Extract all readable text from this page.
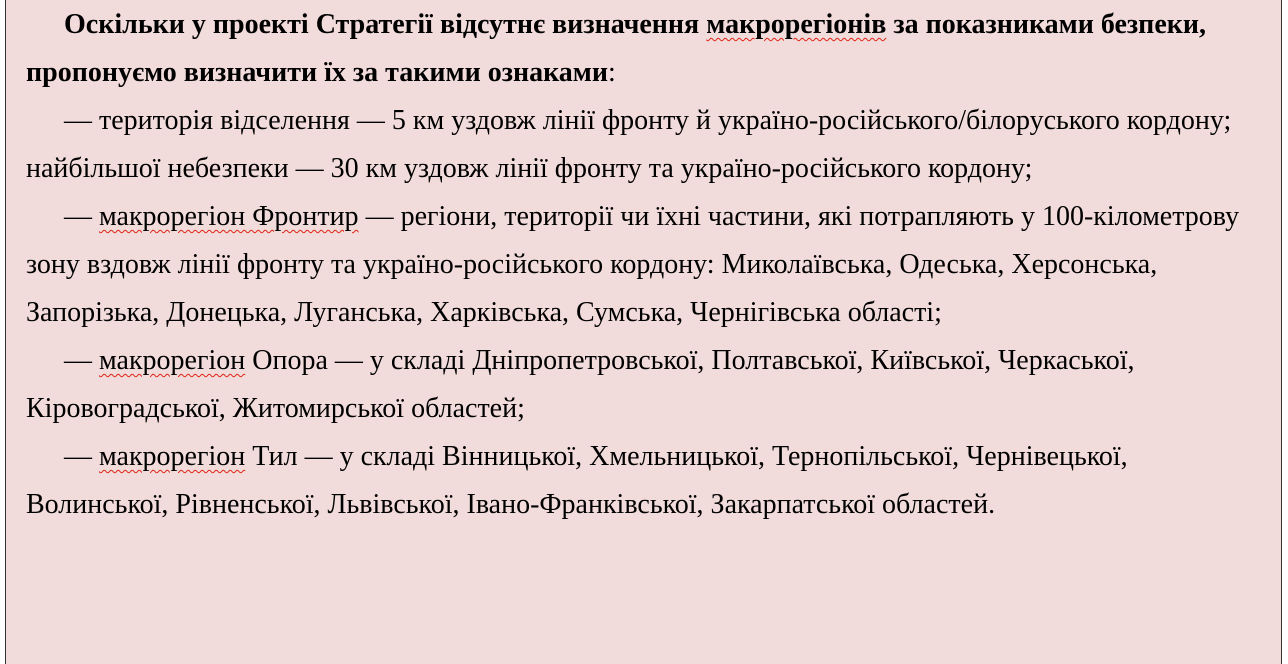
Оскільки у проекті Стратегії відсутнє визначення макрорегіонів за показниками безпеки, пропонуємо визначити їх за такими ознаками:

— територія відселення — 5 км уздовж лінії фронту й україно-російського/білоруського кордону; найбільшої небезпеки — 30 км уздовж лінії фронту та україно-російського кордону;

— макрорегіон Фронтир — регіони, території чи їхні частини, які потрапляють у 100-кілометрову зону вздовж лінії фронту та україно-російського кордону: Миколаївська, Одеська, Херсонська, Запорізька, Донецька, Луганська, Харківська, Сумська, Чернігівська області;

— макрорегіон Опора — у складі Дніпропетровської, Полтавської, Київської, Черкаської, Кіровоградської, Житомирської областей;

— макрорегіон Тил — у складі Вінницької, Хмельницької, Тернопільської, Чернівецької, Волинської, Рівненської, Львівської, Івано-Франківської, Закарпатської областей.
